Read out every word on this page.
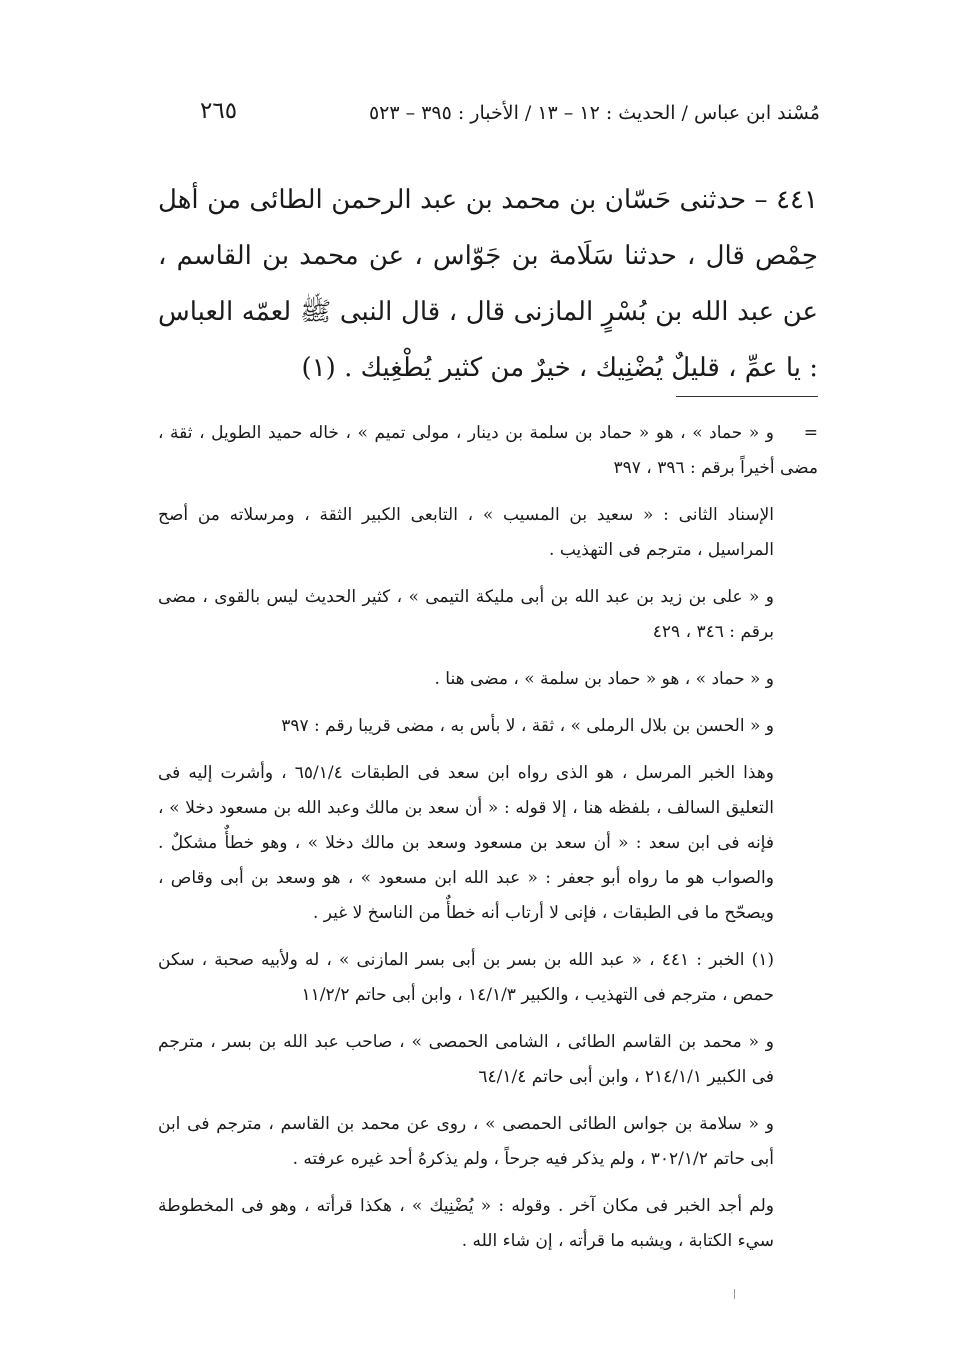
مُسْند ابن عباس / الحديث : ١٢ – ١٣ / الأخبار : ٣٩٥ – ٥٢٣
٢٦٥

٤٤١ – حدثنى حَسّان بن محمد بن عبد الرحمن الطائى من أهل حِمْص قال ، حدثنا سَلَامة بن جَوّاس ، عن محمد بن القاسم ، عن عبد الله بن بُسْرٍ المازنى قال ، قال النبى ﷺ لعمّه العباس : يا عمِّ ، قليلٌ يُضْنِيك ، خيرٌ من كثير يُطْغِيك . (١)

=و « حماد » ، هو « حماد بن سلمة بن دينار ، مولى تميم » ، خاله حميد الطويل ، ثقة ، مضى أخيراً برقم : ٣٩٦ ، ٣٩٧

الإسناد الثانى : « سعيد بن المسيب » ، التابعى الكبير الثقة ، ومرسلاته من أصح المراسيل ، مترجم فى التهذيب .

و « على بن زيد بن عبد الله بن أبى مليكة التيمى » ، كثير الحديث ليس بالقوى ، مضى برقم : ٣٤٦ ، ٤٢٩

و « حماد » ، هو « حماد بن سلمة » ، مضى هنا .

و « الحسن بن بلال الرملى » ، ثقة ، لا بأس به ، مضى قريبا رقم : ٣٩٧

وهذا الخبر المرسل ، هو الذى رواه ابن سعد فى الطبقات ٦٥/١/٤ ، وأشرت إليه فى التعليق السالف ، بلفظه هنا ، إلا قوله : « أن سعد بن مالك وعبد الله بن مسعود دخلا » ، فإنه فى ابن سعد : « أن سعد بن مسعود وسعد بن مالك دخلا » ، وهو خطأٌ مشكلٌ . والصواب هو ما رواه أبو جعفر : « عبد الله ابن مسعود » ، هو وسعد بن أبى وقاص ، ويصحّح ما فى الطبقات ، فإنى لا أرتاب أنه خطأٌ من الناسخ لا غير .

(١) الخبر : ٤٤١ ، « عبد الله بن بسر بن أبى بسر المازنى » ، له ولأبيه صحبة ، سكن حمص ، مترجم فى التهذيب ، والكبير ١٤/١/٣ ، وابن أبى حاتم ١١/٢/٢

و « محمد بن القاسم الطائى ، الشامى الحمصى » ، صاحب عبد الله بن بسر ، مترجم فى الكبير ٢١٤/١/١ ، وابن أبى حاتم ٦٤/١/٤

و « سلامة بن جواس الطائى الحمصى » ، روى عن محمد بن القاسم ، مترجم فى ابن أبى حاتم ٣٠٢/١/٢ ، ولم يذكر فيه جرحاً ، ولم يذكرهُ أحد غيره عرفته .

ولم أجد الخبر فى مكان آخر . وقوله : « يُضْنِيك » ، هكذا قرأته ، وهو فى المخطوطة سيء الكتابة ، ويشبه ما قرأته ، إن شاء الله .
